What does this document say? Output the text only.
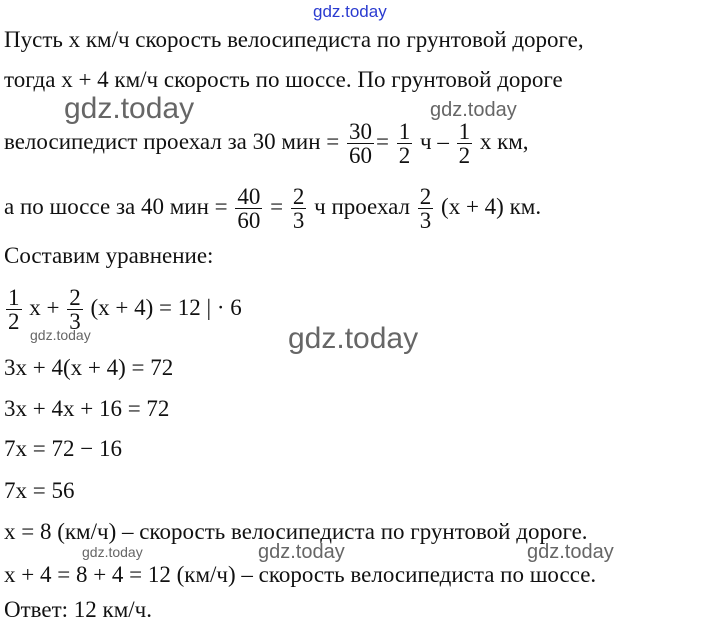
gdz.today
Пусть x км/ч скорость велосипедиста по грунтовой дороге,
тогда x + 4 км/ч скорость по шоссе. По грунтовой дороге
gdz.today	gdz.today
велосипедист проехал за 30 мин = $\frac{30}{60} = \frac{1}{2}$ ч – $\frac{1}{2}$ x км,
а по шоссе за 40 мин = $\frac{40}{60} = \frac{2}{3}$ ч проехал $\frac{2}{3} (x + 4)$ км.
Составим уравнение:
$\frac{1}{2}$ $x + \frac{2}{3} (x + 4) = 12$ | · 6
gdz.today	gdz.today
3x + 4(x + 4) = 72
3x + 4x + 16 = 72
7x = 72 − 16
7x = 56
x = 8 (км/ч) – скорость велосипедиста по грунтовой дороге.
gdz.today	gdz.today	gdz.today
x + 4 = 8 + 4 = 12 (км/ч) – скорость велосипедиста по шоссе.
Ответ: 12 км/ч.
